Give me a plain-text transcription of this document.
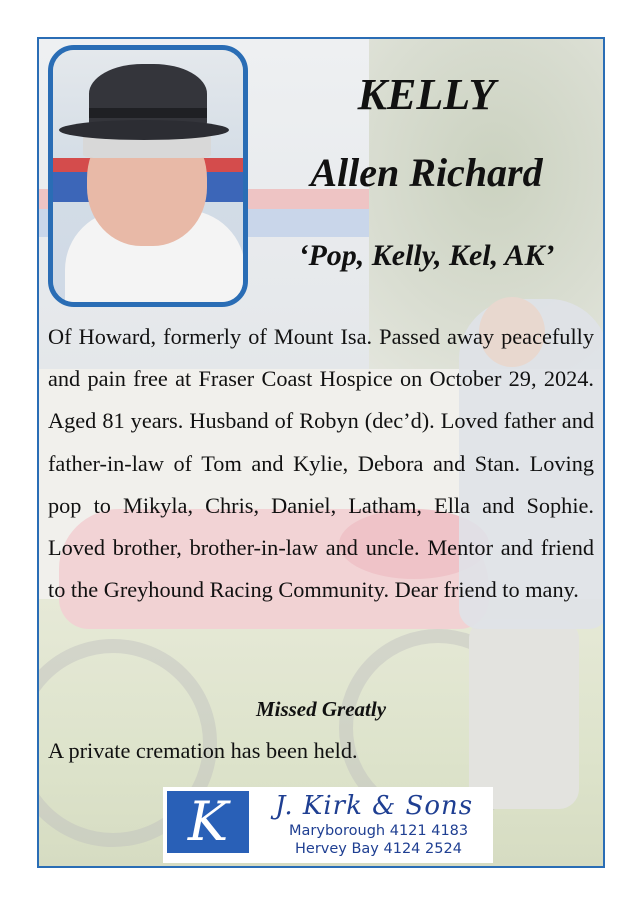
KELLY
Allen Richard
‘Pop, Kelly, Kel, AK’
Of Howard, formerly of Mount Isa. Passed away peacefully and pain free at Fraser Coast Hospice on October 29, 2024. Aged 81 years. Husband of Robyn (dec’d). Loved father and father-in-law of Tom and Kylie, Debora and Stan. Loving pop to Mikyla, Chris, Daniel, Latham, Ella and Sophie. Loved brother, brother-in-law and uncle. Mentor and friend to the Greyhound Racing Community. Dear friend to many.
Missed Greatly
A private cremation has been held.
K	J. Kirk & Sons
Maryborough 4121 4183
Hervey Bay 4124 2524
